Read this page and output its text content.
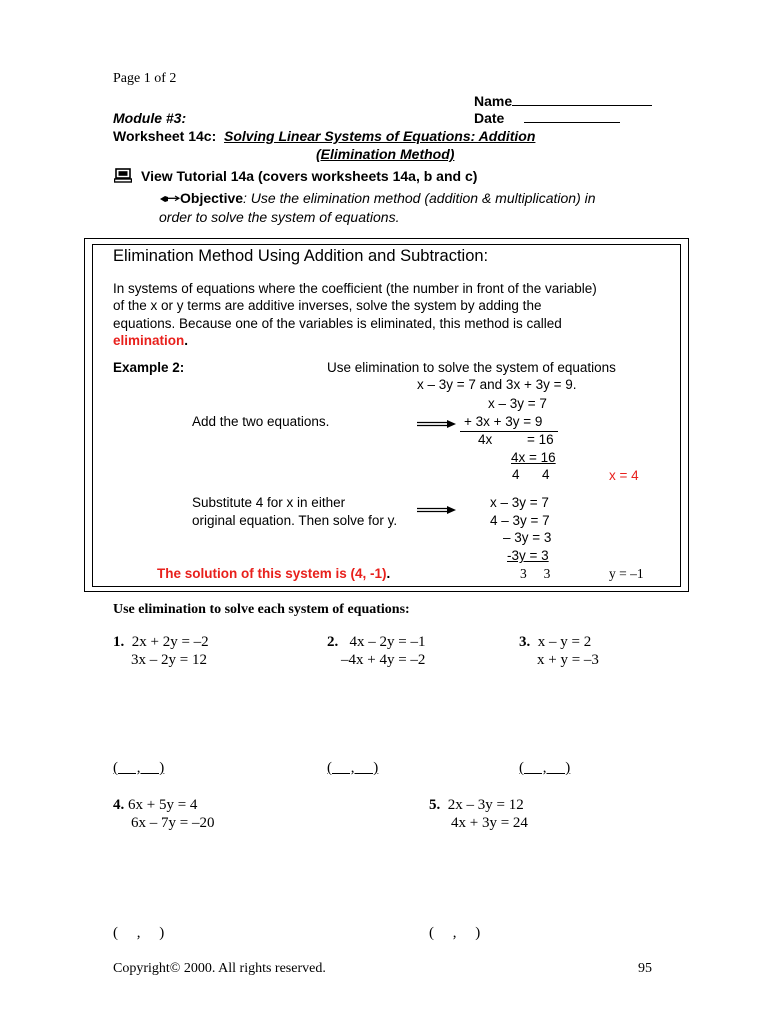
Page 1 of 2
Name
Module #3:	Date
Worksheet 14c: Solving Linear Systems of Equations: Addition
(Elimination Method)
View Tutorial 14a (covers worksheets 14a, b and c)
Objective: Use the elimination method (addition & multiplication) in
order to solve the system of equations.
Elimination Method Using Addition and Subtraction:
In systems of equations where the coefficient (the number in front of the variable)
of the x or y terms are additive inverses, solve the system by adding the
equations. Because one of the variables is eliminated, this method is called
elimination.
Example 2:	Use elimination to solve the system of equations
x – 3y = 7 and 3x + 3y = 9.
x – 3y = 7
Add the two equations.	+ 3x + 3y = 9
4x	= 16
4x = 16
4      4	x = 4
Substitute 4 for x in either	x – 3y = 7
original equation. Then solve for y.	4 – 3y = 7
– 3y = 3
-3y = 3
The solution of this system is (4, -1).	3     3	y = –1
Use elimination to solve each system of equations:
1. 2x + 2y = –2
3x – 2y = 12
(     ,     )
2. 4x – 2y = –1
–4x + 4y = –2
(     ,     )
3. x – y = 2
x + y = –3
(     ,     )
4. 6x + 5y = 4
6x – 7y = –20
(     ,     )
5. 2x – 3y = 12
4x + 3y = 24
(     ,     )
Copyright© 2000. All rights reserved.	95
